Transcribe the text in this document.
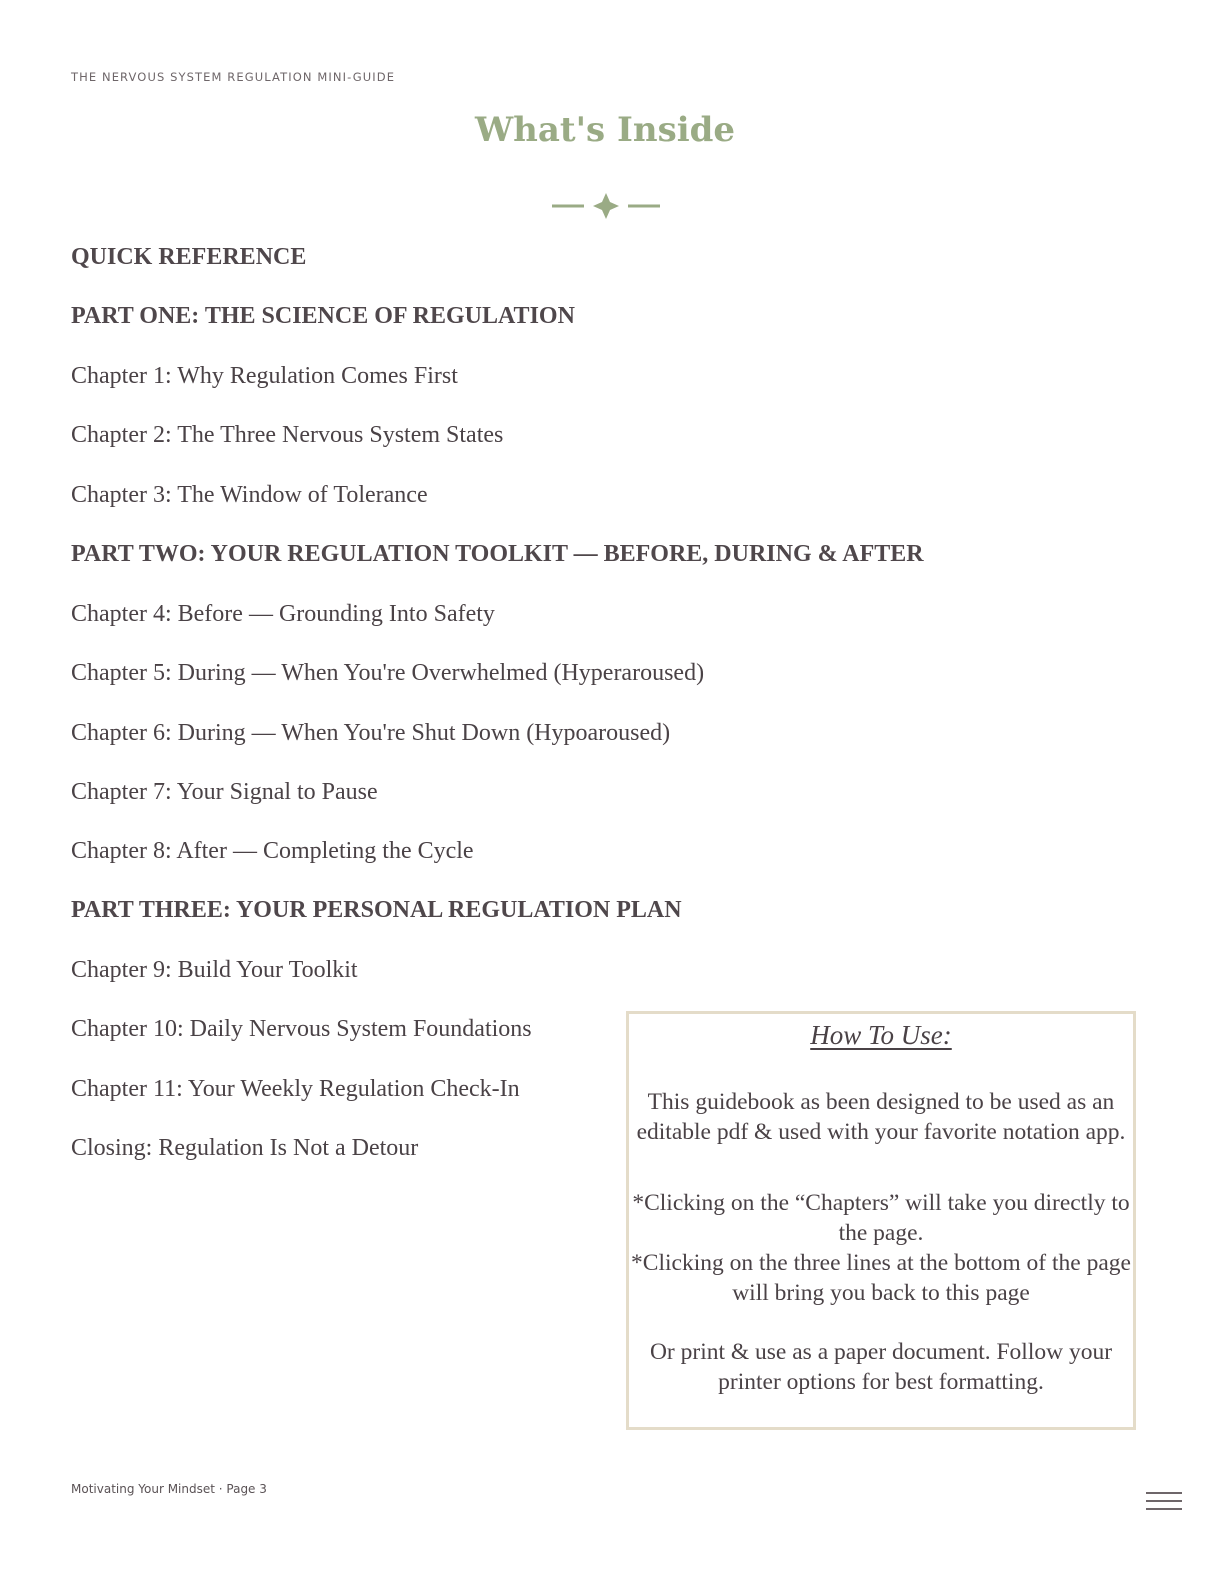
THE NERVOUS SYSTEM REGULATION MINI-GUIDE
What's Inside
QUICK REFERENCE
PART ONE: THE SCIENCE OF REGULATION
Chapter 1: Why Regulation Comes First
Chapter 2: The Three Nervous System States
Chapter 3: The Window of Tolerance
PART TWO: YOUR REGULATION TOOLKIT — BEFORE, DURING & AFTER
Chapter 4: Before — Grounding Into Safety
Chapter 5: During — When You're Overwhelmed (Hyperaroused)
Chapter 6: During — When You're Shut Down (Hypoaroused)
Chapter 7: Your Signal to Pause
Chapter 8: After — Completing the Cycle
PART THREE: YOUR PERSONAL REGULATION PLAN
Chapter 9: Build Your Toolkit
Chapter 10: Daily Nervous System Foundations
Chapter 11: Your Weekly Regulation Check-In
Closing: Regulation Is Not a Detour
How To Use:
This guidebook as been designed to be used as an
editable pdf & used with your favorite notation app.
*Clicking on the “Chapters” will take you directly to
the page.
*Clicking on the three lines at the bottom of the page
will bring you back to this page
Or print & use as a paper document. Follow your
printer options for best formatting.
Motivating Your Mindset · Page 3
